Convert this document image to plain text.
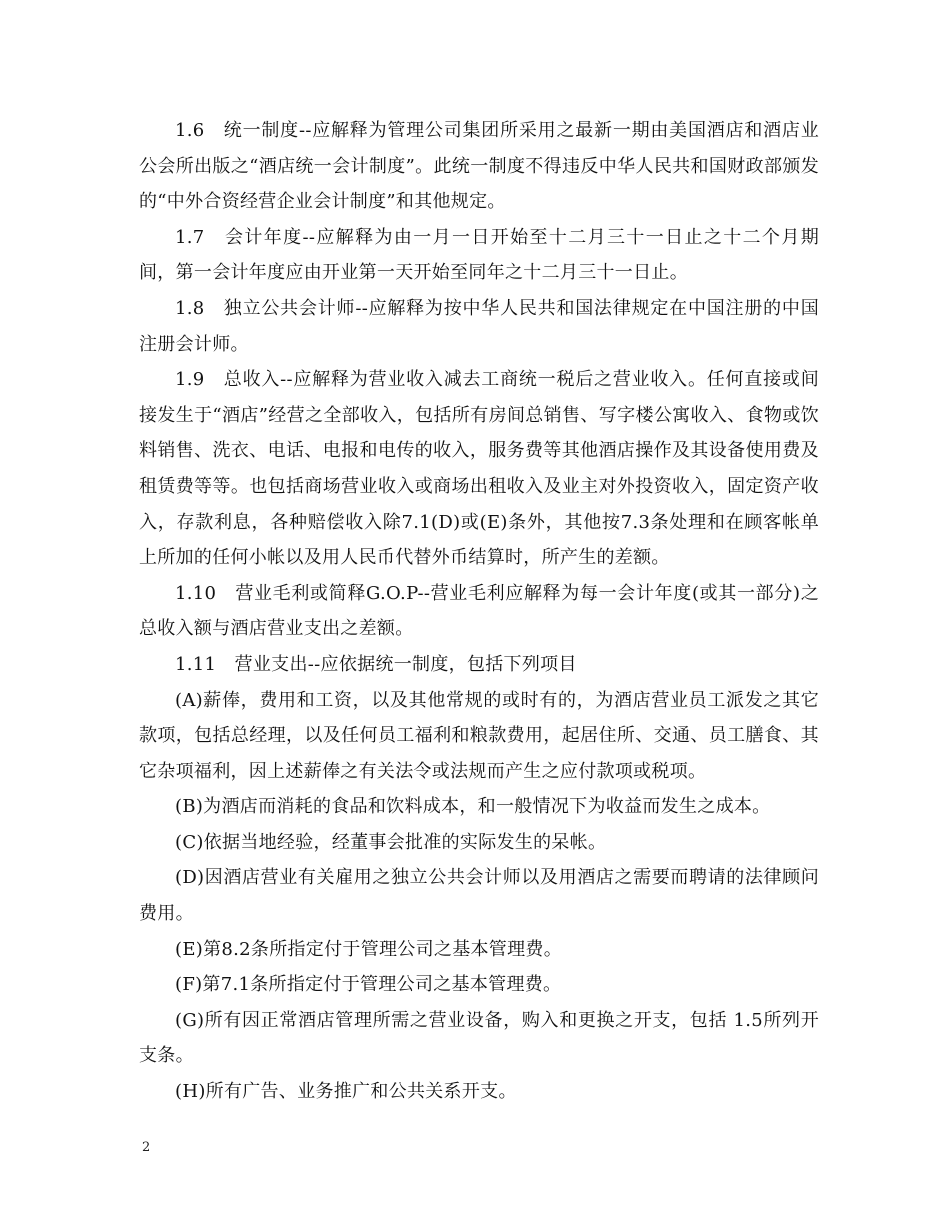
1.6　统一制度--应解释为管理公司集团所采用之最新一期由美国酒店和酒店业公会所出版之“酒店统一会计制度”。此统一制度不得违反中华人民共和国财政部颁发的“中外合资经营企业会计制度”和其他规定。

1.7　会计年度--应解释为由一月一日开始至十二月三十一日止之十二个月期间，第一会计年度应由开业第一天开始至同年之十二月三十一日止。

1.8　独立公共会计师--应解释为按中华人民共和国法律规定在中国注册的中国注册会计师。

1.9　总收入--应解释为营业收入减去工商统一税后之营业收入。任何直接或间接发生于“酒店”经营之全部收入，包括所有房间总销售、写字楼公寓收入、食物或饮料销售、洗衣、电话、电报和电传的收入，服务费等其他酒店操作及其设备使用费及租赁费等等。也包括商场营业收入或商场出租收入及业主对外投资收入，固定资产收入，存款利息，各种赔偿收入除7.1(D)或(E)条外，其他按7.3条处理和在顾客帐单上所加的任何小帐以及用人民币代替外币结算时，所产生的差额。

1.10　营业毛利或简释G.O.P--营业毛利应解释为每一会计年度(或其一部分)之总收入额与酒店营业支出之差额。

1.11　营业支出--应依据统一制度，包括下列项目

(A)薪俸，费用和工资，以及其他常规的或时有的，为酒店营业员工派发之其它款项，包括总经理，以及任何员工福利和粮款费用，起居住所、交通、员工膳食、其它杂项福利，因上述薪俸之有关法令或法规而产生之应付款项或税项。

(B)为酒店而消耗的食品和饮料成本，和一般情况下为收益而发生之成本。

(C)依据当地经验，经董事会批准的实际发生的呆帐。

(D)因酒店营业有关雇用之独立公共会计师以及用酒店之需要而聘请的法律顾问费用。

(E)第8.2条所指定付于管理公司之基本管理费。

(F)第7.1条所指定付于管理公司之基本管理费。

(G)所有因正常酒店管理所需之营业设备，购入和更换之开支，包括 1.5所列开支条。

(H)所有广告、业务推广和公共关系开支。

2
